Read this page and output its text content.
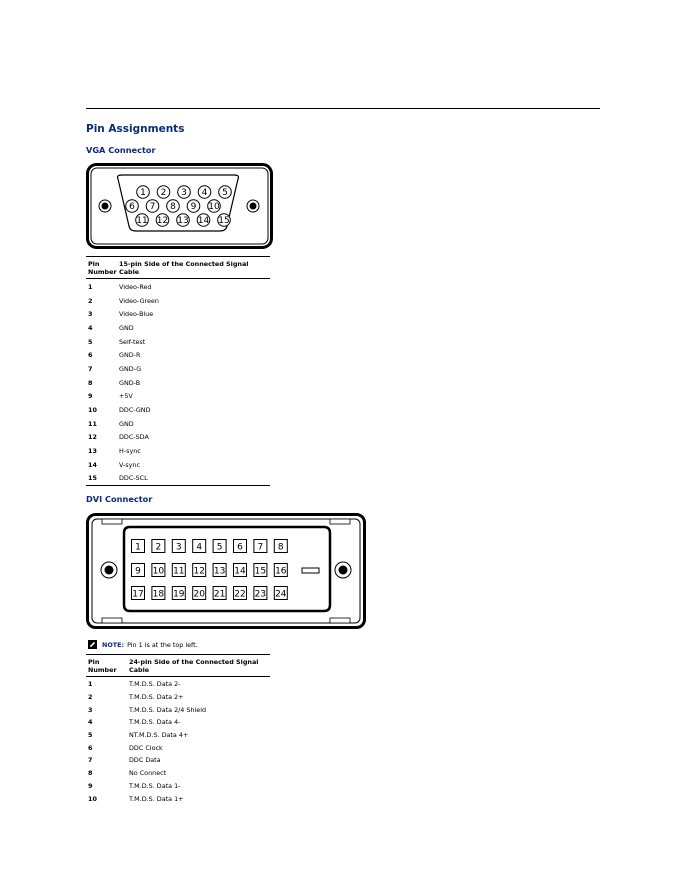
Pin Assignments
VGA Connector
1 2 3 4 5
6 7 8 9 10
11 12 13 14 15
Pin Number
15-pin Side of the Connected Signal Cable
1	Video-Red
2	Video-Green
3	Video-Blue
4	GND
5	Self-test
6	GND-R
7	GND-G
8	GND-B
9	+5V
10	DDC-GND
11	GND
12	DDC-SDA
13	H-sync
14	V-sync
15	DDC-SCL
DVI Connector
1 2 3 4 5 6 7 8
9 10 11 12 13 14 15 16
17 18 19 20 21 22 23 24
NOTE: Pin 1 is at the top left.
Pin Number
24-pin Side of the Connected Signal Cable
1	T.M.D.S. Data 2-
2	T.M.D.S. Data 2+
3	T.M.D.S. Data 2/4 Shield
4	T.M.D.S. Data 4-
5	NT.M.D.S. Data 4+
6	DDC Clock
7	DDC Data
8	No Connect
9	T.M.D.S. Data 1-
10	T.M.D.S. Data 1+
